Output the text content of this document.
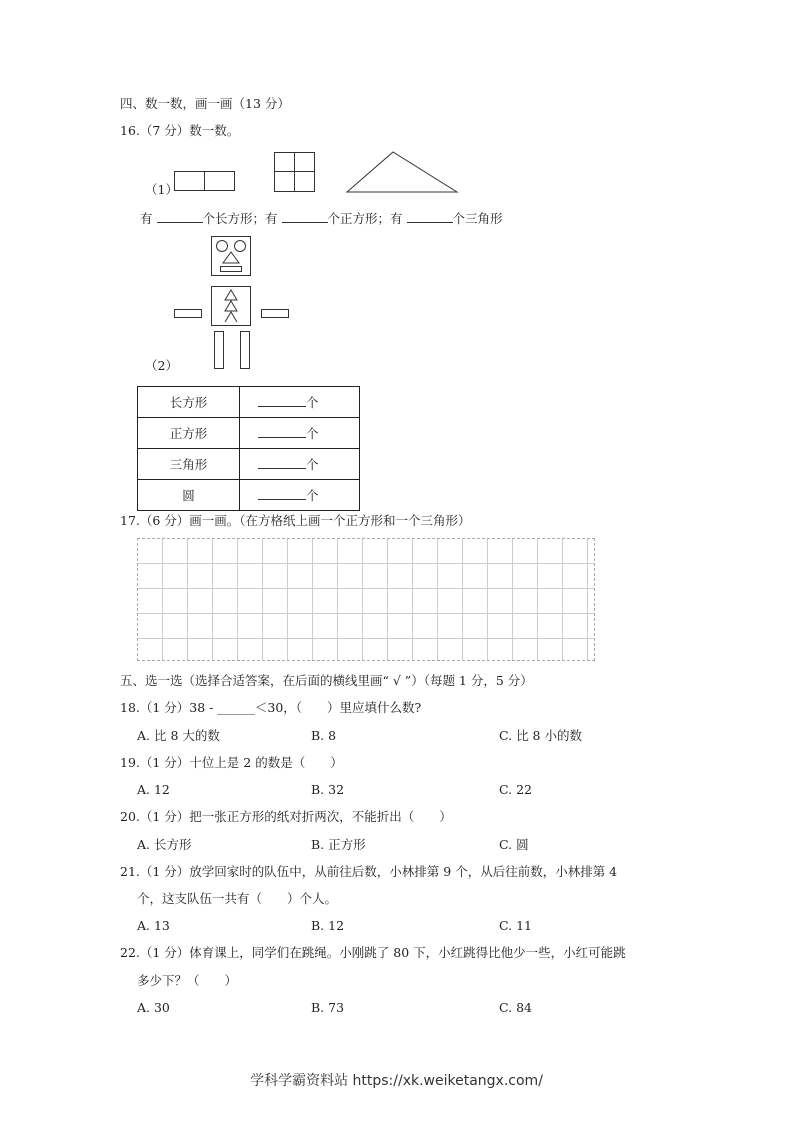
四、数一数，画一画（13 分）
16.（7 分）数一数。
（1）
有	个长方形；有	个正方形；有	个三角形
（2）
长方形	个
正方形	个
三角形	个
圆	个
17.（6 分）画一画。（在方格纸上画一个正方形和一个三角形）
五、选一选（选择合适答案，在后面的横线里画“ √ ”）（每题 1 分，5 分）
18.（1 分）38 - ______＜30，（　　）里应填什么数?
A. 比 8 大的数	B. 8	C. 比 8 小的数
19.（1 分）十位上是 2 的数是（　　）
A. 12	B. 32	C. 22
20.（1 分）把一张正方形的纸对折两次，不能折出（　　）
A. 长方形	B. 正方形	C. 圆
21.（1 分）放学回家时的队伍中，从前往后数，小林排第 9 个，从后往前数，小林排第 4
个，这支队伍一共有（　　）个人。
A. 13	B. 12	C. 11
22.（1 分）体育课上，同学们在跳绳。小刚跳了 80 下，小红跳得比他少一些，小红可能跳
多少下？（　　）
A. 30	B. 73	C. 84
学科学霸资料站 https://xk.weiketangx.com/
